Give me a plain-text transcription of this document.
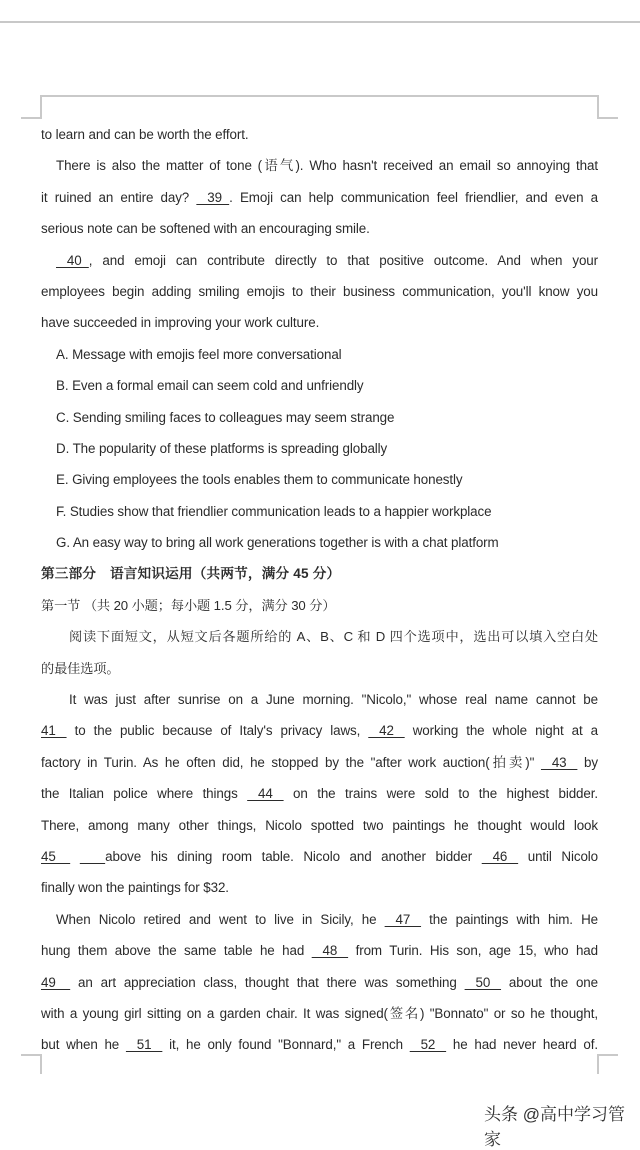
to learn and can be worth the effort.
There is also the matter of tone (语气). Who hasn't received an email so annoying that
it ruined an entire day?    39  . Emoji can help communication feel friendlier, and even a
serious note can be softened with an encouraging smile.
40  , and emoji can contribute directly to that positive outcome. And when your
employees begin adding smiling emojis to their business communication, you'll know you
have succeeded in improving your work culture.
A. Message with emojis feel more conversational
B. Even a formal email can seem cold and unfriendly
C. Sending smiling faces to colleagues may seem strange
D. The popularity of these platforms is spreading globally
E. Giving employees the tools enables them to communicate honestly
F. Studies show that friendlier communication leads to a happier workplace
G. An easy way to bring all work generations together is with a chat platform
第三部分　语言知识运用（共两节，满分 45 分）
第一节 （共 20 小题；每小题 1.5 分，满分 30 分）
阅读下面短文，从短文后各题所给的 A、B、C 和 D 四个选项中，选出可以填入空白处
的最佳选项。
It was just after sunrise on a June morning. "Nicolo," whose real name cannot be
41    to the public because of Italy's privacy laws,    42    working the whole night at a
factory in Turin. As he often did, he stopped by the "after work auction(拍卖)"    43    by
the Italian police where things    44    on the trains were sold to the highest bidder.
There, among many other things, Nicolo spotted two paintings he thought would look
45	above his dining room table. Nicolo and another bidder    46    until Nicolo
finally won the paintings for $32.
When Nicolo retired and went to live in Sicily, he    47    the paintings with him. He
hung them above the same table he had    48    from Turin. His son, age 15, who had
49     an art appreciation class, thought that there was something    50    about the one
with a young girl sitting on a garden chair. It was signed(签名) "Bonnato" or so he thought,
but when he    51    it, he only found "Bonnard," a French    52    he had never heard of.
头条 @高中学习管家
